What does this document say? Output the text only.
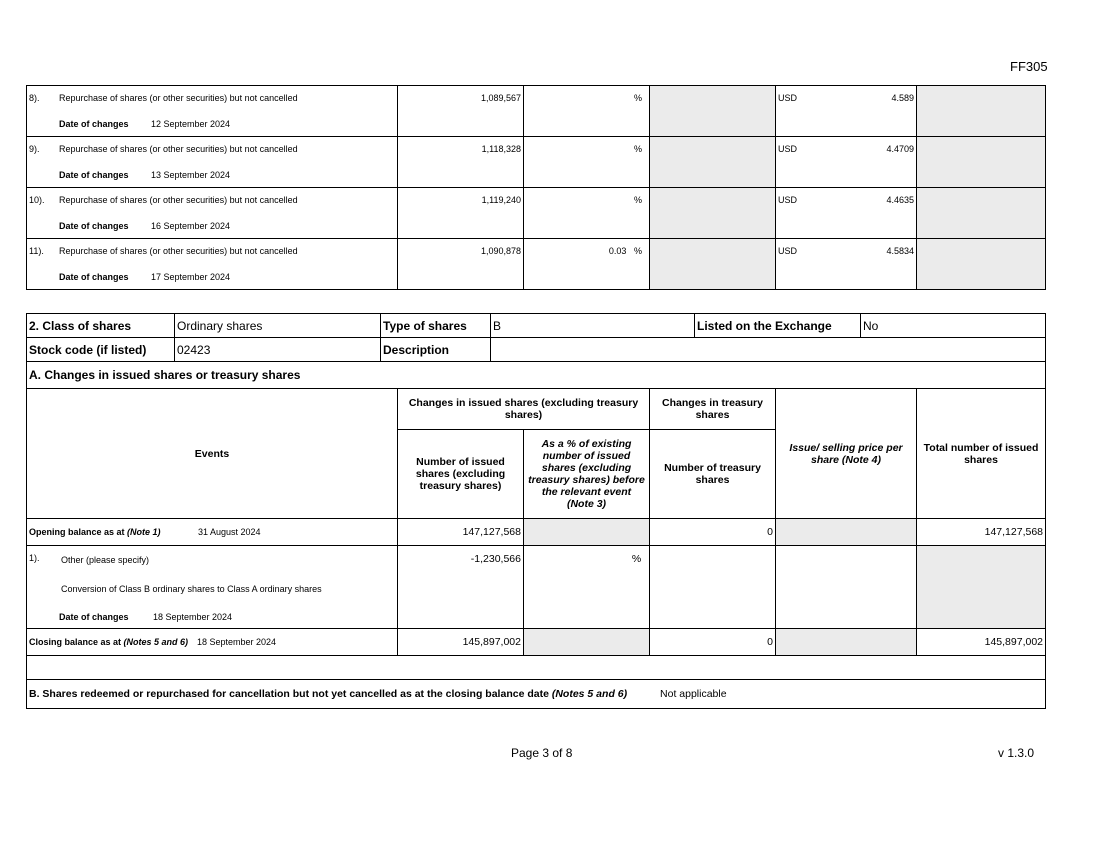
FF305
8). Repurchase of shares (or other securities) but not cancelled
Date of changes 12 September 2024	1,089,567	%		USD 4.589	

9). Repurchase of shares (or other securities) but not cancelled
Date of changes 13 September 2024	1,118,328	%		USD 4.4709	

10). Repurchase of shares (or other securities) but not cancelled
Date of changes 16 September 2024	1,119,240	%		USD 4.4635	

11). Repurchase of shares (or other securities) but not cancelled
Date of changes 17 September 2024	1,090,878	0.03 %		USD 4.5834	

2. Class of shares	Ordinary shares	Type of shares	B	Listed on the Exchange	No
Stock code (if listed)	02423	Description			
A. Changes in issued shares or treasury shares					
Events	Changes in issued shares (excluding treasury shares)		Changes in treasury shares	Issue/ selling price per share (Note 4)	Total number of issued shares
	Number of issued shares (excluding treasury shares)	As a % of existing number of issued shares (excluding treasury shares) before the relevant event (Note 3)	Number of treasury shares		

Opening balance as at (Note 1) 31 August 2024	147,127,568		0		147,127,568

1). Other (please specify)
Conversion of Class B ordinary shares to Class A ordinary shares
Date of changes 18 September 2024	-1,230,566	%			

Closing balance as at (Notes 5 and 6) 18 September 2024	145,897,002		0		145,897,002

B. Shares redeemed or repurchased for cancellation but not yet cancelled as at the closing balance date (Notes 5 and 6) Not applicable					
Page 3 of 8	v 1.3.0
